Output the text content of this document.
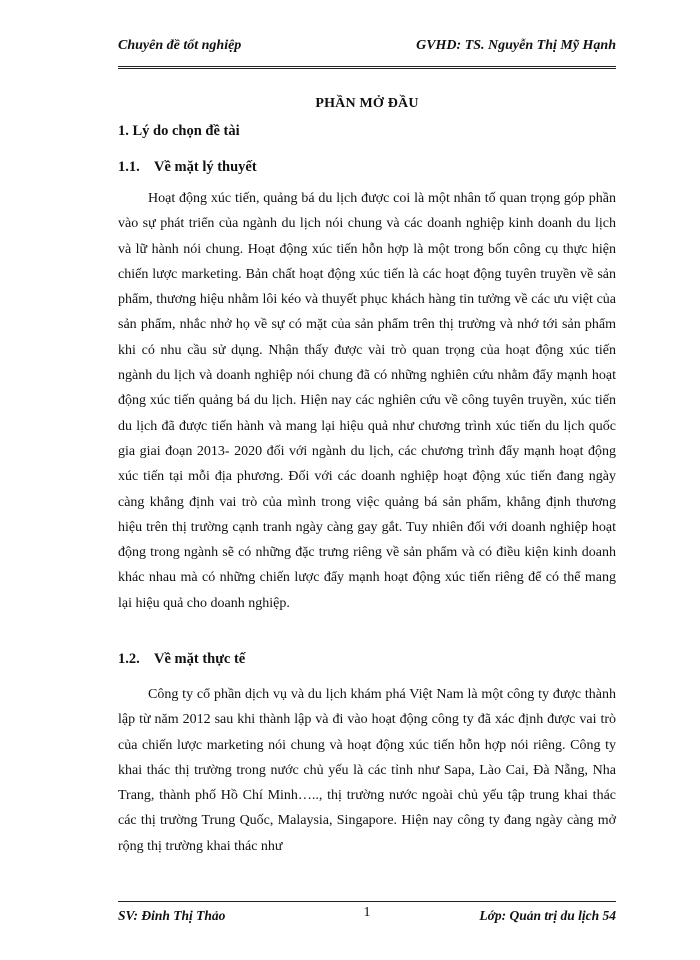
Chuyên đề tốt nghiệp	GVHD: TS. Nguyễn Thị Mỹ Hạnh
PHẦN MỞ ĐẦU
1. Lý do chọn đề tài
1.1. Về mặt lý thuyết

Hoạt động xúc tiến, quảng bá du lịch được coi là một nhân tố quan trọng góp phần vào sự phát triển của ngành du lịch nói chung và các doanh nghiệp kinh doanh du lịch và lữ hành nói chung. Hoạt động xúc tiến hỗn hợp là một trong bốn công cụ thực hiện chiến lược marketing. Bản chất hoạt động xúc tiến là các hoạt động tuyên truyền về sản phẩm, thương hiệu nhằm lôi kéo và thuyết phục khách hàng tin tưởng về các ưu việt của sản phẩm, nhắc nhở họ về sự có mặt của sản phẩm trên thị trường và nhớ tới sản phẩm khi có nhu cầu sử dụng. Nhận thấy được vài trò quan trọng của hoạt động xúc tiến ngành du lịch và doanh nghiệp nói chung đã có những nghiên cứu nhằm đẩy mạnh hoạt động xúc tiến quảng bá du lịch. Hiện nay các nghiên cứu về công tuyên truyền, xúc tiến du lịch đã được tiến hành và mang lại hiệu quả như chương trình xúc tiến du lịch quốc gia giai đoạn 2013- 2020 đối với ngành du lịch, các chương trình đẩy mạnh hoạt động xúc tiến tại mỗi địa phương. Đối với các doanh nghiệp hoạt động xúc tiến đang ngày càng khẳng định vai trò của mình trong việc quảng bá sản phẩm, khẳng định thương hiệu trên thị trường cạnh tranh ngày càng gay gắt. Tuy nhiên đối với doanh nghiệp hoạt động trong ngành sẽ có những đặc trưng riêng về sản phẩm và có điều kiện kinh doanh khác nhau mà có những chiến lược đẩy mạnh hoạt động xúc tiến riêng để có thể mang lại hiệu quả cho doanh nghiệp.

1.2. Về mặt thực tế

Công ty cổ phần dịch vụ và du lịch khám phá Việt Nam là một công ty được thành lập từ năm 2012 sau khi thành lập và đi vào hoạt động công ty đã xác định được vai trò của chiến lược marketing nói chung và hoạt động xúc tiến hỗn hợp nói riêng. Công ty khai thác thị trường trong nước chủ yếu là các tỉnh như Sapa, Lào Cai, Đà Nẵng, Nha Trang, thành phố Hồ Chí Minh….., thị trường nước ngoài chủ yếu tập trung khai thác các thị trường Trung Quốc, Malaysia, Singapore. Hiện nay công ty đang ngày càng mở rộng thị trường khai thác như

SV: Đinh Thị Thảo	1	Lớp: Quản trị du lịch 54
